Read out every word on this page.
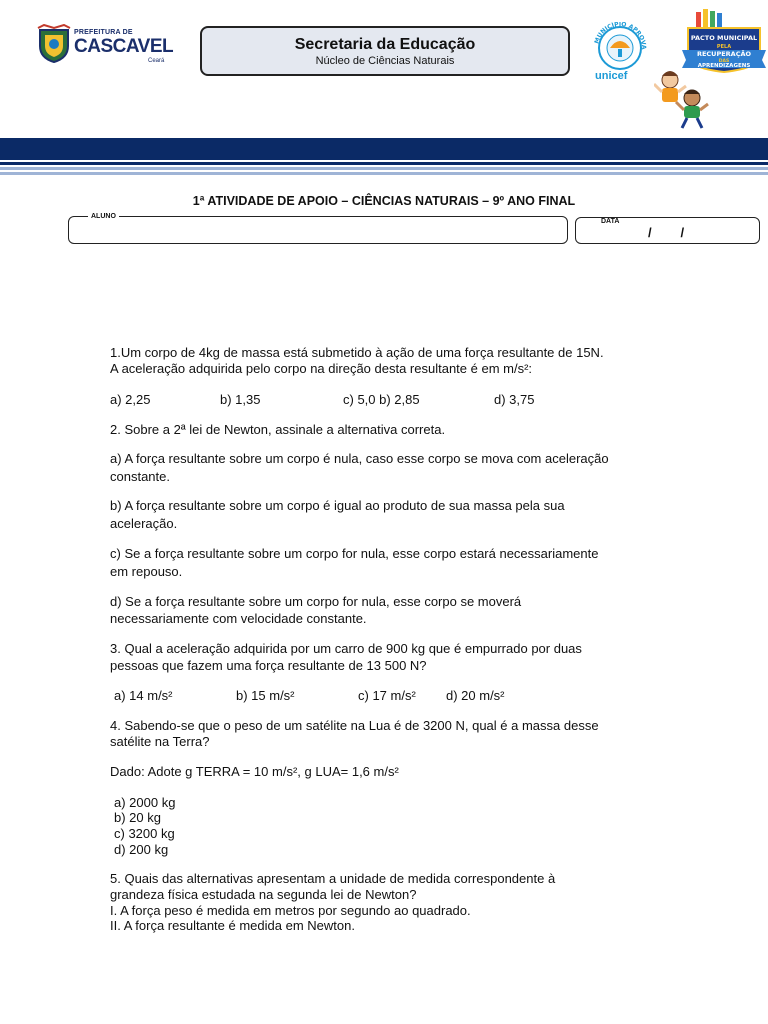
PREFEITURA DE
CASCAVEL
Ceará
Secretaria da Educação
Núcleo de Ciências Naturais
MUNICÍPIO APROVA
unicef
PACTO MUNICIPAL
PELA
RECUPERAÇÃO
DAS
APRENDIZAGENS
1ª ATIVIDADE DE APOIO – CIÊNCIAS NATURAIS – 9º ANO FINAL
ALUNO
DATA
/        /
1.Um corpo de 4kg de massa está submetido à ação de uma força resultante de 15N.
A aceleração adquirida pelo corpo na direção desta resultante é em m/s²:
a) 2,25	b) 1,35	c) 5,0 b) 2,85	d) 3,75
2. Sobre a 2ª lei de Newton, assinale a alternativa correta.
a) A força resultante sobre um corpo é nula, caso esse corpo se mova com aceleração
constante.
b) A força resultante sobre um corpo é igual ao produto de sua massa pela sua
aceleração.
c) Se a força resultante sobre um corpo for nula, esse corpo estará necessariamente
em repouso.
d) Se a força resultante sobre um corpo for nula, esse corpo se moverá
necessariamente com velocidade constante.
3. Qual a aceleração adquirida por um carro de 900 kg que é empurrado por duas
pessoas que fazem uma força resultante de 13 500 N?
a) 14 m/s²	b) 15 m/s²	c) 17 m/s² d) 20 m/s²
4. Sabendo-se que o peso de um satélite na Lua é de 3200 N, qual é a massa desse
satélite na Terra?
Dado: Adote g TERRA = 10 m/s², g LUA= 1,6 m/s²
a) 2000 kg
b) 20 kg
c) 3200 kg
d) 200 kg
5. Quais das alternativas apresentam a unidade de medida correspondente à
grandeza física estudada na segunda lei de Newton?
I. A força peso é medida em metros por segundo ao quadrado.
II. A força resultante é medida em Newton.
